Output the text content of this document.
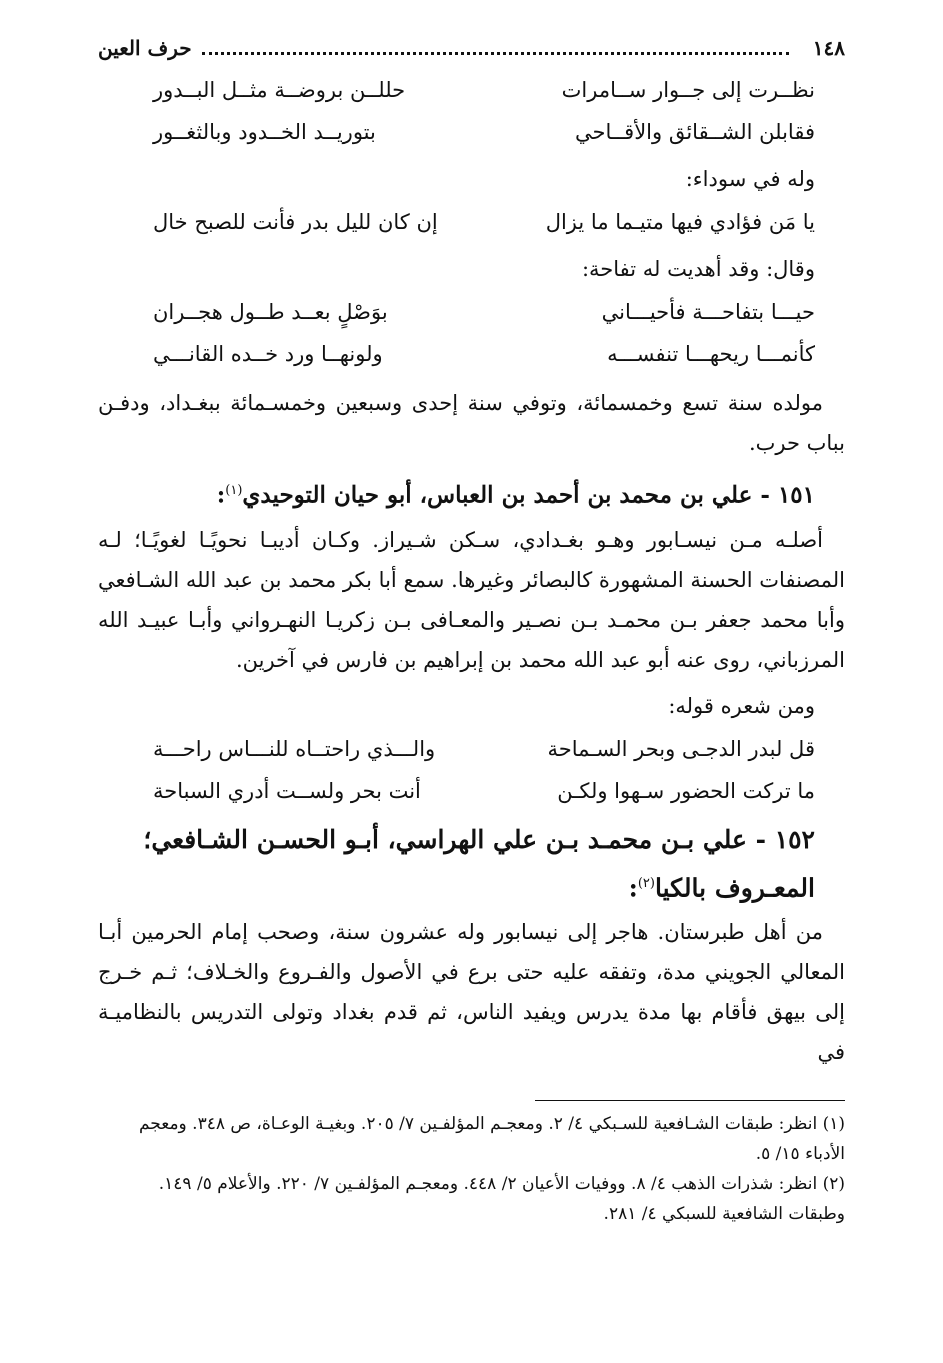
١٤٨
حرف العين
نظــرت إلى جــوار ســامرات
حللــن بروضــة مثــل البــدور
فقابلن الشــقائق والأقــاحي
بتوريــد الخــدود وبالثغــور
وله في سوداء:
يا مَن فؤادي فيها متيـما ما يزال
إن كان لليل بدر فأنت للصبح خال
وقال: وقد أهديت له تفاحة:
حيـــا بتفاحـــة فأحيـــاني
بوَصْلٍ بعــد طــول هجــران
كأنمـــا ريحهـــا تنفســـه
ولونهــا ورد خــده القانـــي

مولده سنة تسع وخمسمائة، وتوفي سنة إحدى وسبعين وخمسـمائة ببغـداد، ودفـن بباب حرب.

١٥١ - علي بن محمد بن أحمد بن العباس، أبو حيان التوحيدي$^{(١)}$:

أصلـه مـن نيسـابور وهـو بغـدادي، سـكن شـيراز. وكـان أديبـا نحويًـا لغويًـا؛ لـه المصنفات الحسنة المشهورة كالبصائر وغيرها. سمع أبا بكر محمد بن عبد الله الشـافعي وأبا محمد جعفر بـن محمـد بـن نصـير والمعـافى بـن زكريـا النهـرواني وأبـا عبيـد الله المرزباني، روى عنه أبو عبد الله محمد بن إبراهيم بن فارس في آخرين.

ومن شعره قوله:
قل لبدر الدجـى وبحر السـماحة
والـــذي راحتــاه للنـــاس راحـــة
ما تركت الحضور سـهوا ولكـن
أنت بحر ولســت أدري السباحة
١٥٢ - علي بـن محمـد بـن علي الهراسي، أبـو الحسـن الشـافعي؛ المعـروف بالكيا$^{(٢)}$:

من أهل طبرستان. هاجر إلى نيسابور وله عشرون سنة، وصحب إمام الحرمين أبـا المعالي الجويني مدة، وتفقه عليه حتى برع في الأصول والفـروع والخـلاف؛ ثـم خـرج إلى بيهق فأقام بها مدة يدرس ويفيد الناس، ثم قدم بغداد وتولى التدريس بالنظاميـة في

(١) انظر: طبقات الشـافعية للسـبكي ٤/ ٢. ومعجـم المؤلفـين ٧/ ٢٠٥. وبغيـة الوعـاة، ص ٣٤٨. ومعجم الأدباء ١٥/ ٥.
(٢) انظر: شذرات الذهب ٤/ ٨. ووفيات الأعيان ٢/ ٤٤٨. ومعجـم المؤلفـين ٧/ ٢٢٠. والأعلام ٥/ ١٤٩. وطبقات الشافعية للسبكي ٤/ ٢٨١.
